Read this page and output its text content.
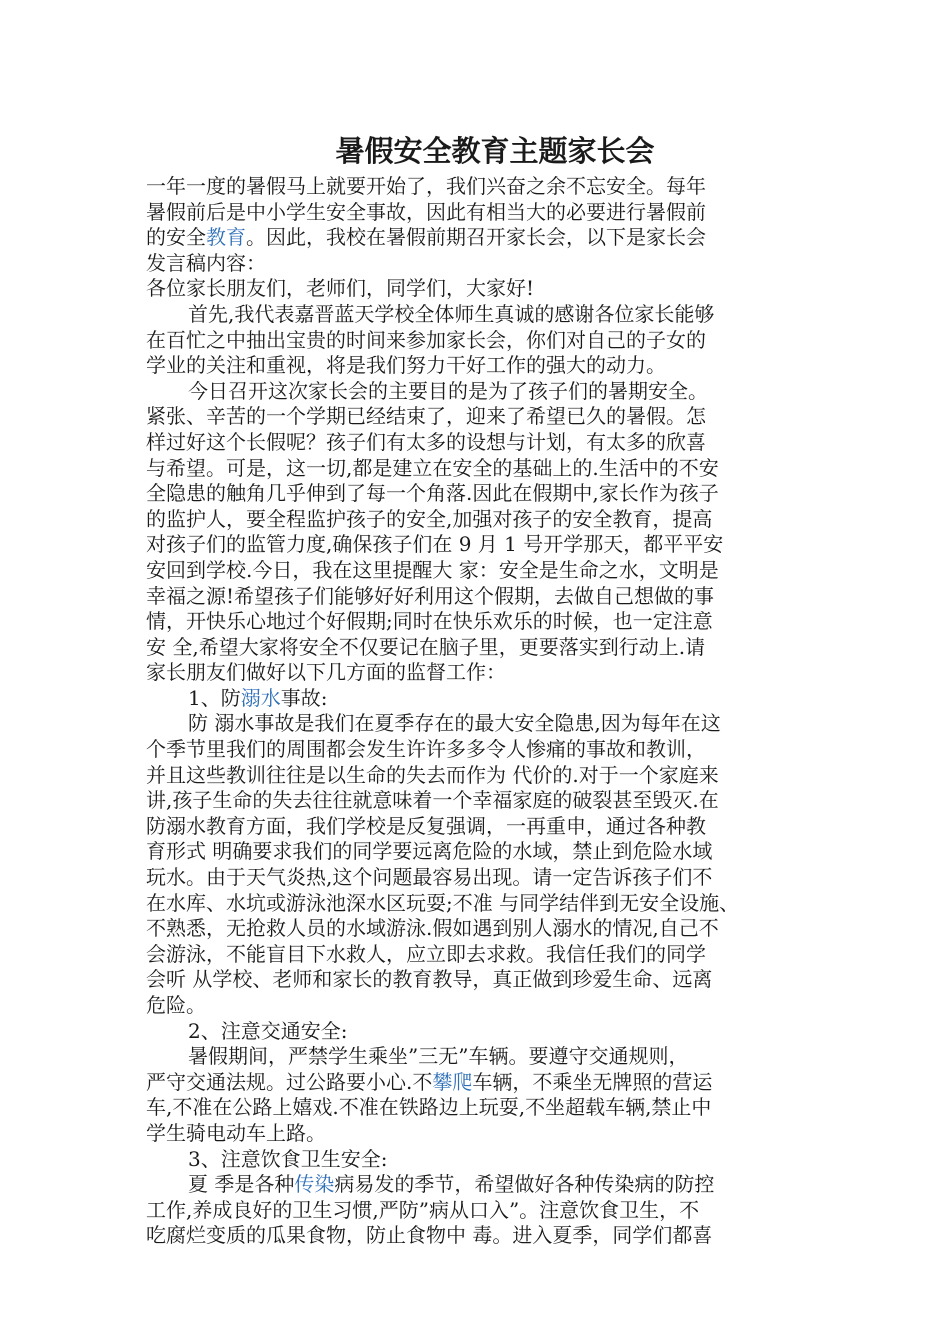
暑假安全教育主题家长会
一年一度的暑假马上就要开始了，我们兴奋之余不忘安全。每年
暑假前后是中小学生安全事故，因此有相当大的必要进行暑假前
的安全教育。因此，我校在暑假前期召开家长会，以下是家长会
发言稿内容：
各位家长朋友们，老师们，同学们，大家好!
首先,我代表嘉晋蓝天学校全体师生真诚的感谢各位家长能够
在百忙之中抽出宝贵的时间来参加家长会，你们对自己的子女的
学业的关注和重视，将是我们努力干好工作的强大的动力。
今日召开这次家长会的主要目的是为了孩子们的暑期安全。
紧张、辛苦的一个学期已经结束了，迎来了希望已久的暑假。怎
样过好这个长假呢？孩子们有太多的设想与计划，有太多的欣喜
与希望。可是，这一切,都是建立在安全的基础上的.生活中的不安
全隐患的触角几乎伸到了每一个角落.因此在假期中,家长作为孩子
的监护人，要全程监护孩子的安全,加强对孩子的安全教育，提高
对孩子们的监管力度,确保孩子们在 9 月 1 号开学那天，都平平安
安回到学校.今日，我在这里提醒大 家：安全是生命之水，文明是
幸福之源!希望孩子们能够好好利用这个假期，去做自己想做的事
情，开快乐心地过个好假期;同时在快乐欢乐的时候，也一定注意
安 全,希望大家将安全不仅要记在脑子里，更要落实到行动上.请
家长朋友们做好以下几方面的监督工作：
1、防溺水事故:
防 溺水事故是我们在夏季存在的最大安全隐患,因为每年在这
个季节里我们的周围都会发生许许多多令人惨痛的事故和教训，
并且这些教训往往是以生命的失去而作为 代价的.对于一个家庭来
讲,孩子生命的失去往往就意味着一个幸福家庭的破裂甚至毁灭.在
防溺水教育方面，我们学校是反复强调，一再重申，通过各种教
育形式 明确要求我们的同学要远离危险的水域，禁止到危险水域
玩水。由于天气炎热,这个问题最容易出现。请一定告诉孩子们不
在水库、水坑或游泳池深水区玩耍;不准 与同学结伴到无安全设施、
不熟悉，无抢救人员的水域游泳.假如遇到别人溺水的情况,自己不
会游泳，不能盲目下水救人，应立即去求救。我信任我们的同学
会听 从学校、老师和家长的教育教导，真正做到珍爱生命、远离
危险。
2、注意交通安全:
暑假期间，严禁学生乘坐”三无”车辆。要遵守交通规则，
严守交通法规。过公路要小心.不攀爬车辆，不乘坐无牌照的营运
车,不准在公路上嬉戏.不准在铁路边上玩耍,不坐超载车辆,禁止中
学生骑电动车上路。
3、注意饮食卫生安全:
夏 季是各种传染病易发的季节，希望做好各种传染病的防控
工作,养成良好的卫生习惯,严防”病从口入”。注意饮食卫生，不
吃腐烂变质的瓜果食物，防止食物中 毒。进入夏季，同学们都喜
